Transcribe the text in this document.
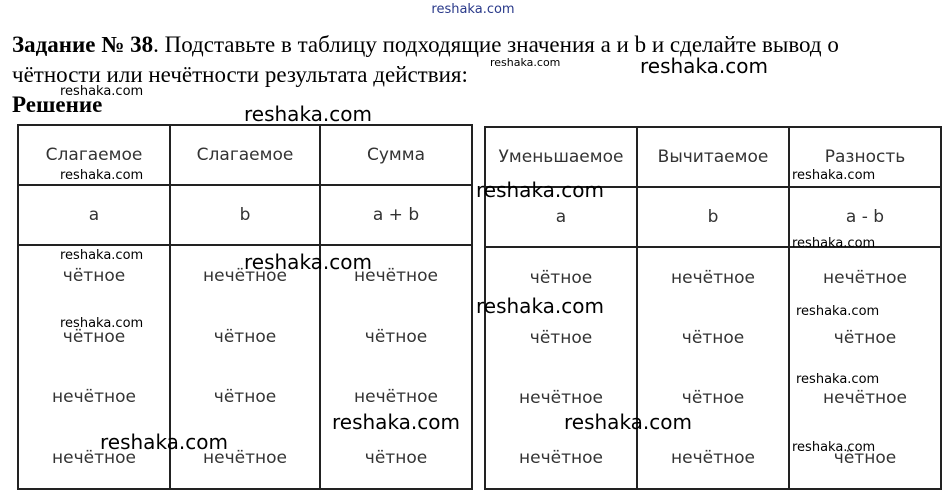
reshaka.com
Задание № 38. Подставьте в таблицу подходящие значения a и b и сделайте вывод о чётности или нечётности результата действия:
Решение
Слагаемое	Слагаемое	Сумма
a	b	a + b
чётное	нечётное	нечётное
чётное	чётное	чётное
нечётное	чётное	нечётное
нечётное	нечётное	чётное
Уменьшаемое	Вычитаемое	Разность
a	b	a - b
чётное	нечётное	нечётное
чётное	чётное	чётное
нечётное	чётное	нечётное
нечётное	нечётное	чётное
reshaka.com	reshaka.com
reshaka.com
reshaka.com
reshaka.com
reshaka.com
reshaka.com
reshaka.com
reshaka.com	reshaka.com
reshaka.com	reshaka.com
reshaka.com
reshaka.com
reshaka.com	reshaka.com
reshaka.com	reshaka.com
